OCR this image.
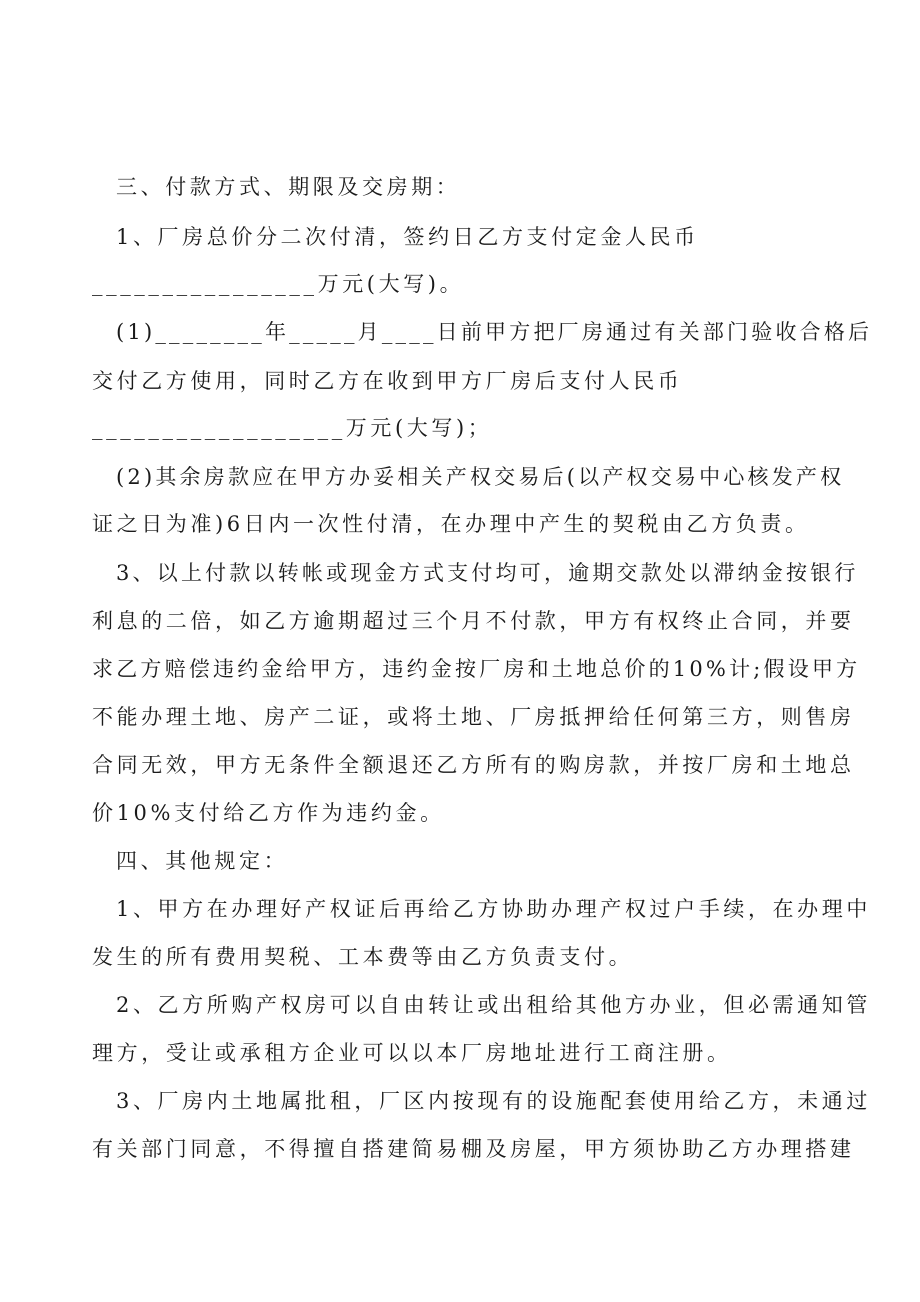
三、付款方式、期限及交房期：
1、厂房总价分二次付清，签约日乙方支付定金人民币
________________万元(大写)。
(1)________年_____月____日前甲方把厂房通过有关部门验收合格后
交付乙方使用，同时乙方在收到甲方厂房后支付人民币
__________________万元(大写)；
(2)其余房款应在甲方办妥相关产权交易后(以产权交易中心核发产权
证之日为准)6日内一次性付清，在办理中产生的契税由乙方负责。
3、以上付款以转帐或现金方式支付均可，逾期交款处以滞纳金按银行
利息的二倍，如乙方逾期超过三个月不付款，甲方有权终止合同，并要
求乙方赔偿违约金给甲方，违约金按厂房和土地总价的10%计;假设甲方
不能办理土地、房产二证，或将土地、厂房抵押给任何第三方，则售房
合同无效，甲方无条件全额退还乙方所有的购房款，并按厂房和土地总
价10%支付给乙方作为违约金。
四、其他规定：
1、甲方在办理好产权证后再给乙方协助办理产权过户手续，在办理中
发生的所有费用契税、工本费等由乙方负责支付。
2、乙方所购产权房可以自由转让或出租给其他方办业，但必需通知管
理方，受让或承租方企业可以以本厂房地址进行工商注册。
3、厂房内土地属批租，厂区内按现有的设施配套使用给乙方，未通过
有关部门同意，不得擅自搭建简易棚及房屋，甲方须协助乙方办理搭建
